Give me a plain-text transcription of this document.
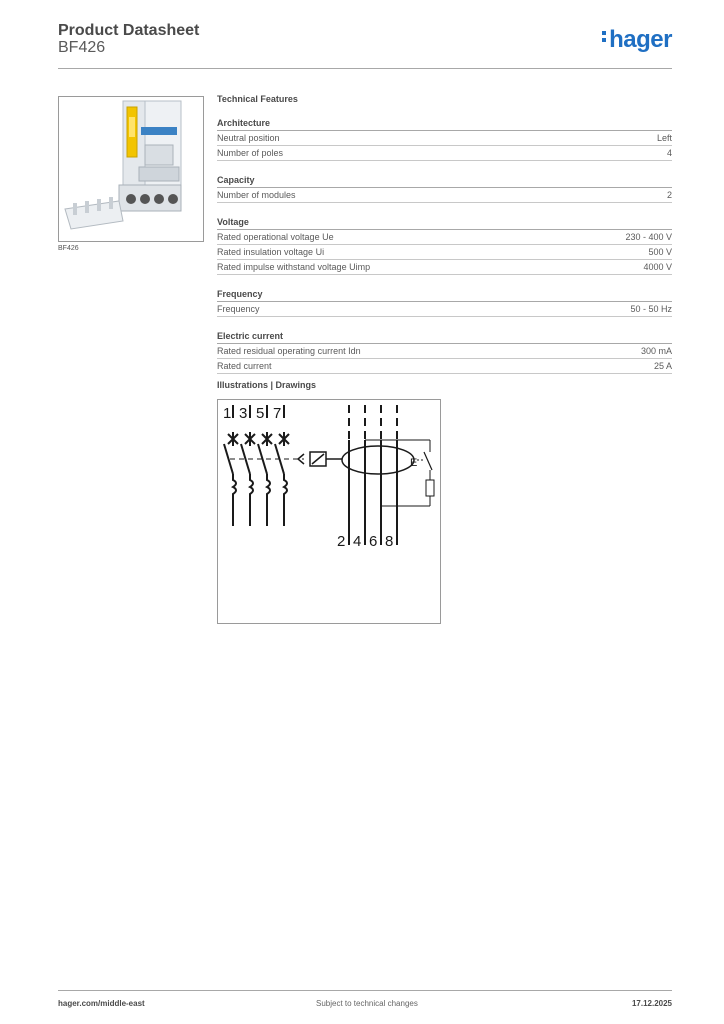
Product Datasheet
BF426	hager
BF426
Technical Features
Architecture
Neutral position	Left
Number of poles	4
Capacity
Number of modules	2
Voltage
Rated operational voltage Ue	230 - 400 V
Rated insulation voltage Ui	500 V
Rated impulse withstand voltage Uimp	4000 V
Frequency
Frequency	50 - 50 Hz
Electric current
Rated residual operating current Idn	300 mA
Rated current	25 A
Illustrations | Drawings
1 3 5 7
E
2 4 6 8
hager.com/middle-east	Subject to technical changes	17.12.2025
